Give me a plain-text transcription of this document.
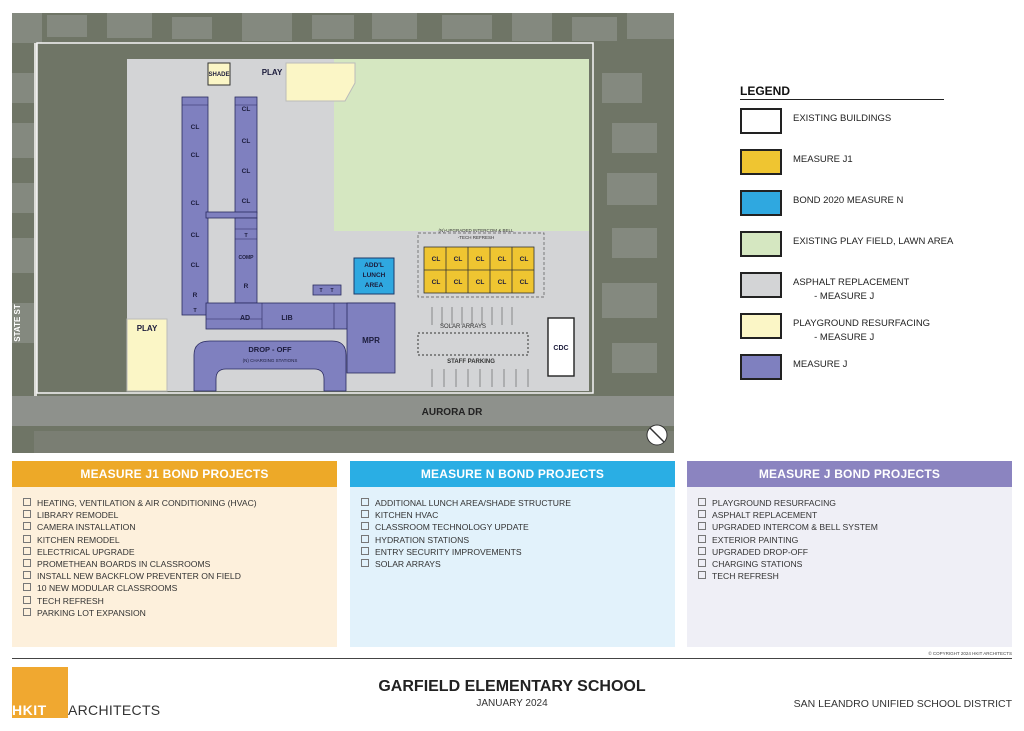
SHADE	PLAY
PLAY
CL
CL
CL
CL
CL
R
T
CL
CL
CL
CL
T
COMP
R
AD	LIB
T T
MPR
CDC
ADD'L
LUNCH
AREA
CL CL CL CL CL
CL CL CL CL CL
(N)-UPGRADED INTERCOM & BELL
-TECH REFRESH
SOLAR ARRAYS
STAFF PARKING
DROP - OFF
(N) CHARGING STATIONS
AURORA DR
STATE ST
LEGEND
EXISTING BUILDINGS
MEASURE J1
BOND 2020 MEASURE N
EXISTING PLAY FIELD, LAWN AREA
ASPHALT REPLACEMENT
- MEASURE J
PLAYGROUND RESURFACING
- MEASURE J
MEASURE J
MEASURE J1 BOND PROJECTS
HEATING, VENTILATION & AIR CONDITIONING (HVAC)
LIBRARY REMODEL
CAMERA INSTALLATION
KITCHEN REMODEL
ELECTRICAL UPGRADE
PROMETHEAN BOARDS IN CLASSROOMS
INSTALL NEW BACKFLOW PREVENTER ON FIELD
10 NEW MODULAR CLASSROOMS
TECH REFRESH
PARKING LOT EXPANSION
MEASURE N BOND PROJECTS
ADDITIONAL LUNCH AREA/SHADE STRUCTURE
KITCHEN HVAC
CLASSROOM TECHNOLOGY UPDATE
HYDRATION STATIONS
ENTRY SECURITY IMPROVEMENTS
SOLAR ARRAYS
MEASURE J BOND PROJECTS
PLAYGROUND RESURFACING
ASPHALT REPLACEMENT
UPGRADED INTERCOM & BELL SYSTEM
EXTERIOR PAINTING
UPGRADED DROP-OFF
CHARGING STATIONS
TECH REFRESH
© COPYRIGHT 2024 HKIT ARCHITECTS
HKIT ARCHITECTS
GARFIELD ELEMENTARY SCHOOL
JANUARY 2024	SAN LEANDRO UNIFIED SCHOOL DISTRICT
